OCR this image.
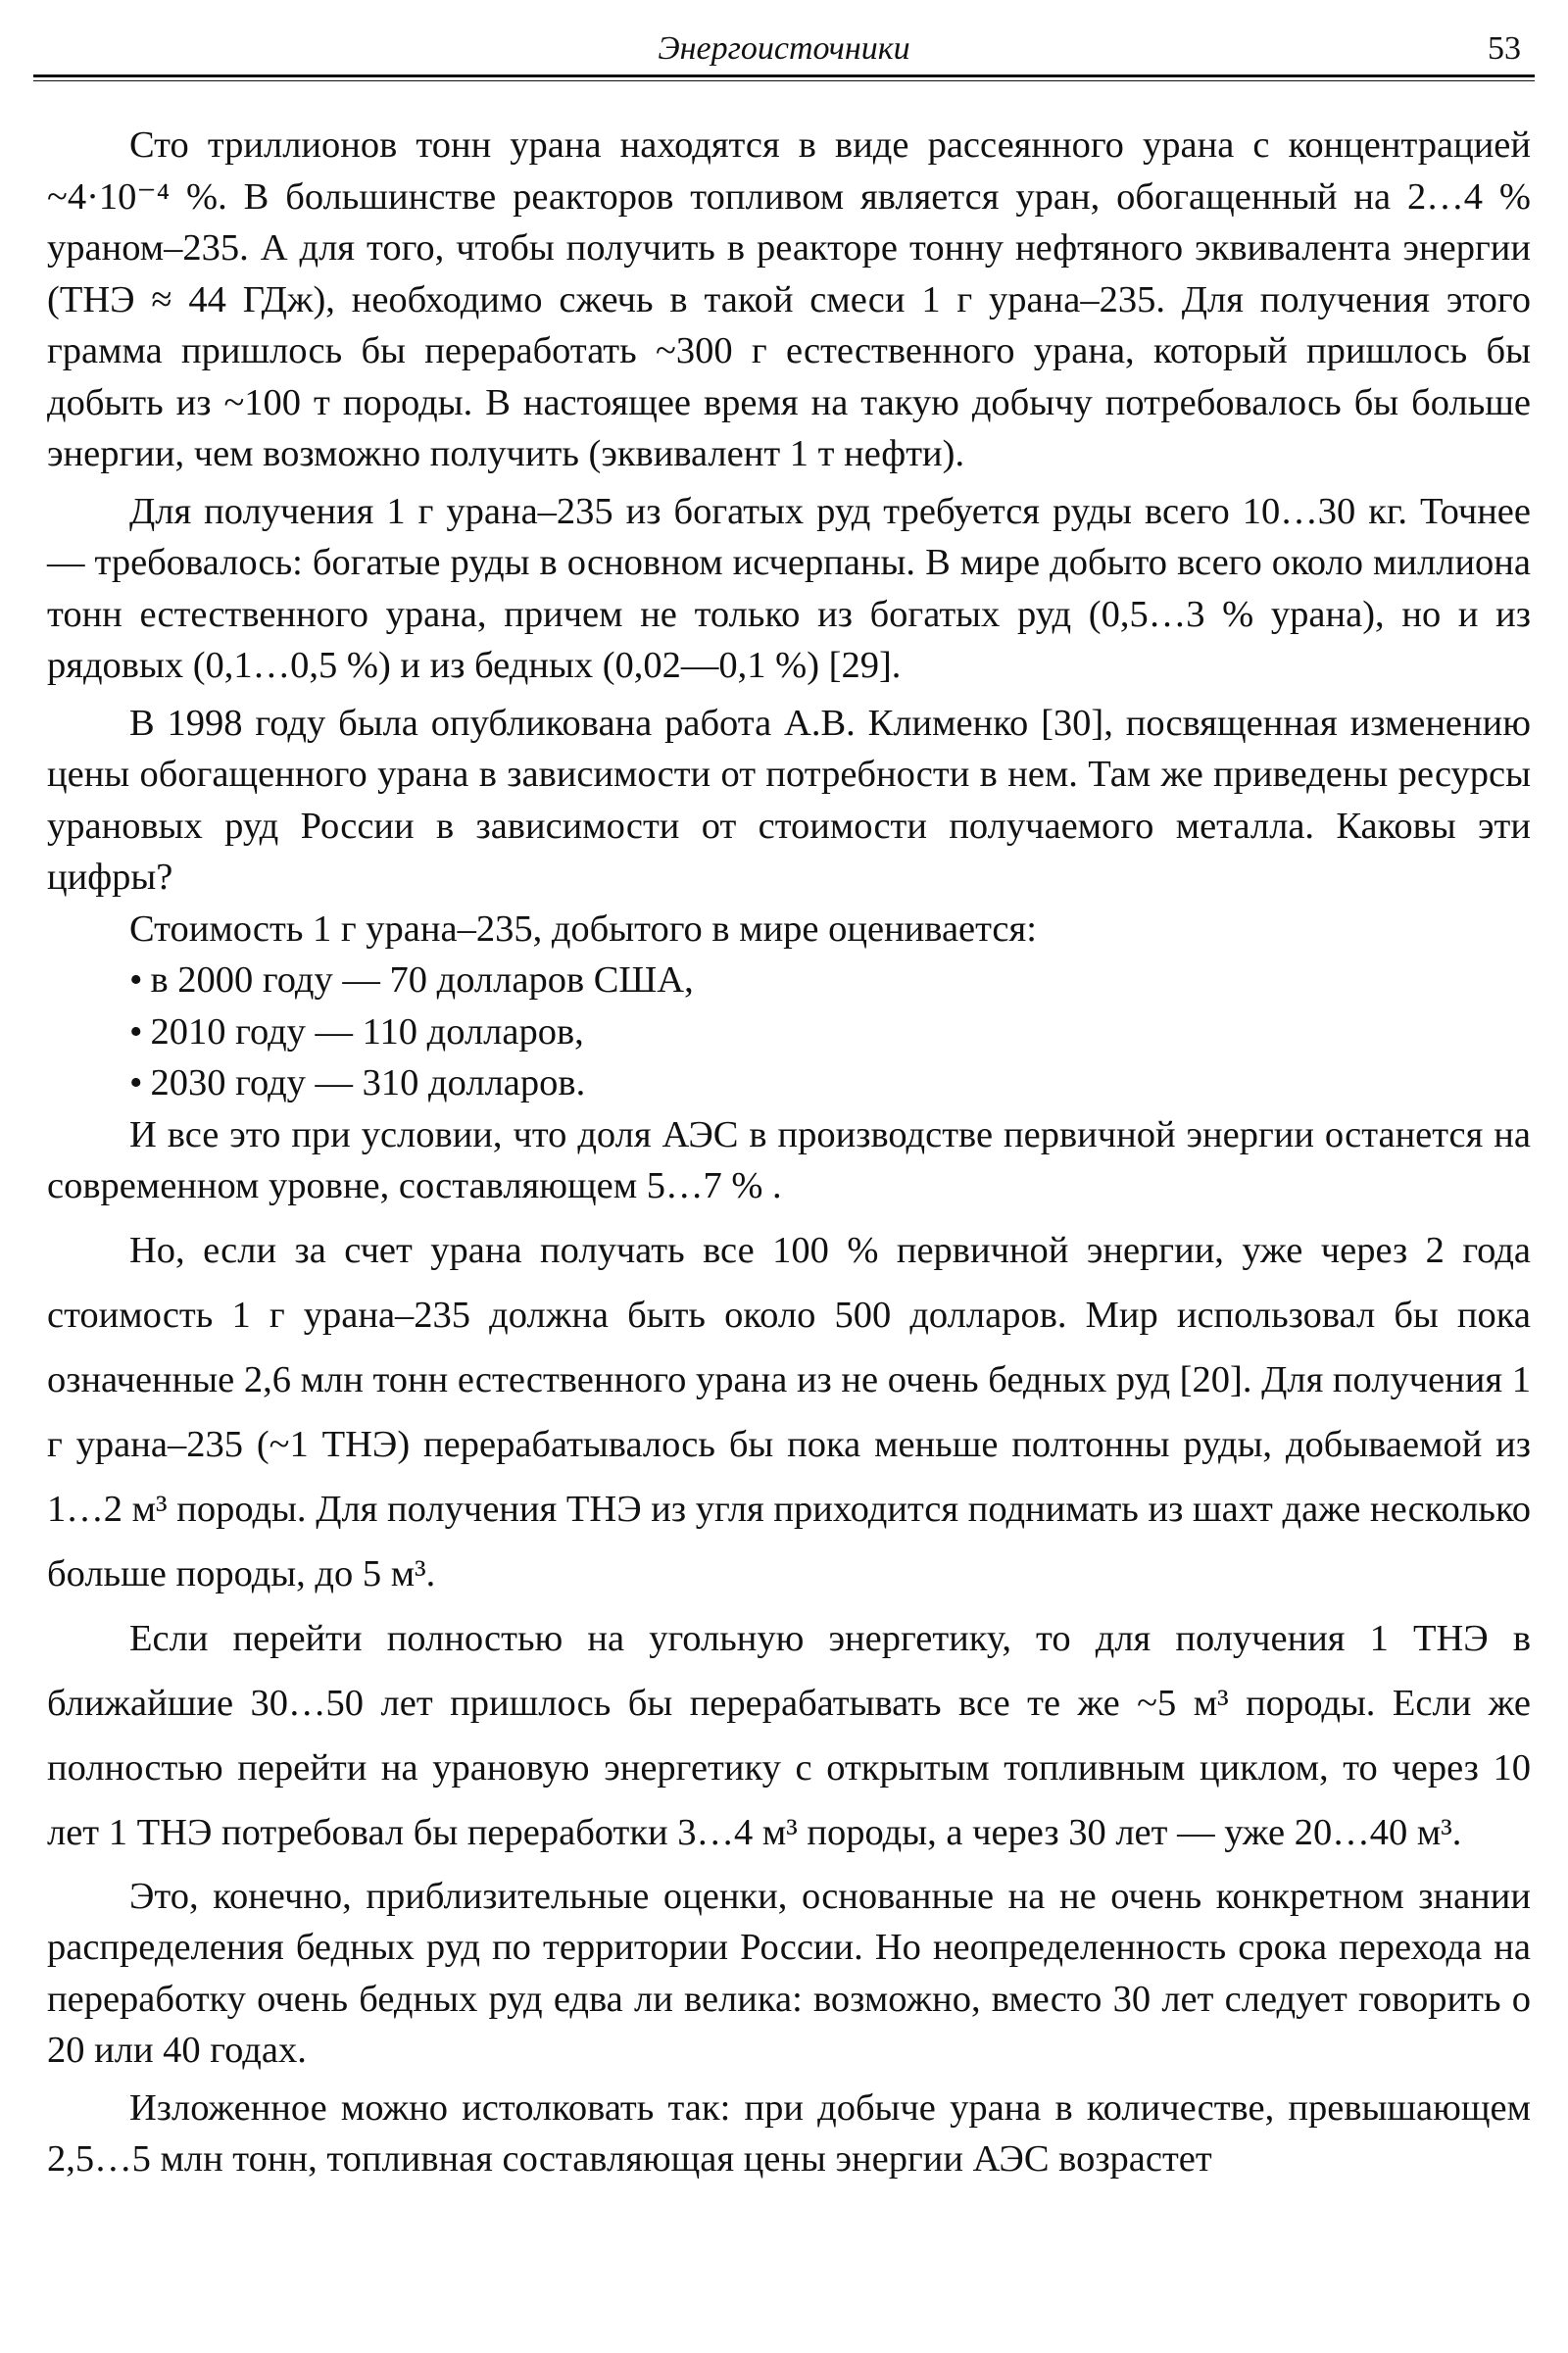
Энергоисточники	53

Сто триллионов тонн урана находятся в виде рассеянного урана с концентрацией ~4·10⁻⁴ %. В большинстве реакторов топливом является уран, обогащенный на 2…4 % ураном–235. А для того, чтобы получить в реакторе тонну нефтяного эквивалента энергии (ТНЭ ≈ 44 ГДж), необходимо сжечь в такой смеси 1 г урана–235. Для получения этого грамма пришлось бы переработать ~300 г естественного урана, который пришлось бы добыть из ~100 т породы. В настоящее время на такую добычу потребовалось бы больше энергии, чем возможно получить (эквивалент 1 т нефти).

Для получения 1 г урана–235 из богатых руд требуется руды всего 10…30 кг. Точнее — требовалось: богатые руды в основном исчерпаны. В мире добыто всего около миллиона тонн естественного урана, причем не только из богатых руд (0,5…3 % урана), но и из рядовых (0,1…0,5 %) и из бедных (0,02—0,1 %) [29].

В 1998 году была опубликована работа А.В. Клименко [30], посвященная изменению цены обогащенного урана в зависимости от потребности в нем. Там же приведены ресурсы урановых руд России в зависимости от стоимости получаемого металла. Каковы эти цифры?

Стоимость 1 г урана–235, добытого в мире оценивается:

• в 2000 году — 70 долларов США,
• 2010 году — 110 долларов,
• 2030 году — 310 долларов.

И все это при условии, что доля АЭС в производстве первичной энергии останется на современном уровне, составляющем 5…7 % .

Но, если за счет урана получать все 100 % первичной энергии, уже через 2 года стоимость 1 г урана–235 должна быть около 500 долларов. Мир использовал бы пока означенные 2,6 млн тонн естественного урана из не очень бедных руд [20]. Для получения 1 г урана–235 (~1 ТНЭ) перерабатывалось бы пока меньше полтонны руды, добываемой из 1…2 м³ породы. Для получения ТНЭ из угля приходится поднимать из шахт даже несколько больше породы, до 5 м³.

Если перейти полностью на угольную энергетику, то для получения 1 ТНЭ в ближайшие 30…50 лет пришлось бы перерабатывать все те же ~5 м³ породы. Если же полностью перейти на урановую энергетику с открытым топливным циклом, то через 10 лет 1 ТНЭ потребовал бы переработки 3…4 м³ породы, а через 30 лет — уже 20…40 м³.

Это, конечно, приблизительные оценки, основанные на не очень конкретном знании распределения бедных руд по территории России. Но неопределенность срока перехода на переработку очень бедных руд едва ли велика: возможно, вместо 30 лет следует говорить о 20 или 40 годах.

Изложенное можно истолковать так: при добыче урана в количестве, превышающем 2,5…5 млн тонн, топливная составляющая цены энергии АЭС возрастет
